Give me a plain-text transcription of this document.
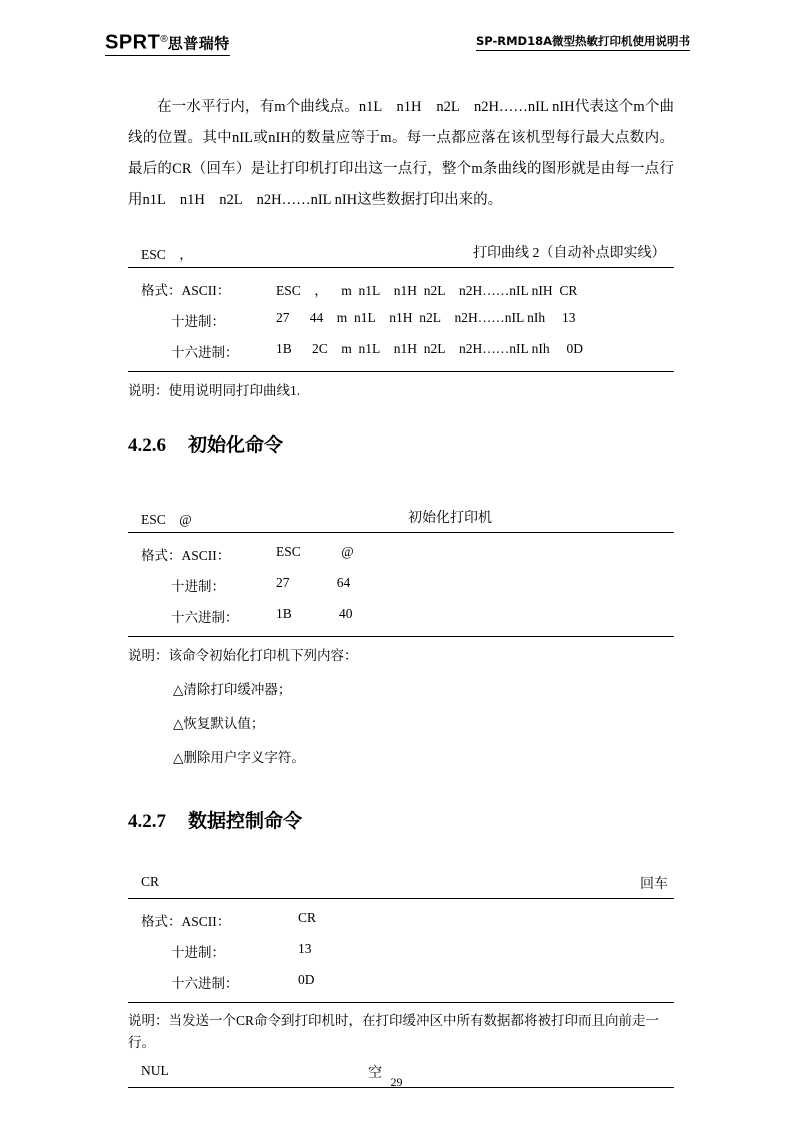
SPRT®思普瑞特	SP-RMD18A微型热敏打印机使用说明书

在一水平行内，有m个曲线点。n1L　n1H　n2L　n2H……nIL nIH代表这个m个曲线的位置。其中nIL或nIH的数量应等于m。每一点都应落在该机型每行最大点数内。最后的CR（回车）是让打印机打印出这一点行，整个m条曲线的图形就是由每一点行用n1L　n1H　n2L　n2H……nIL nIH这些数据打印出来的。

ESC　，	打印曲线 2（自动补点即实线）
格式：ASCII：	ESC ， m n1L n1H n2L n2H……nIL nIH CR
十进制：	27  44 m n1L n1H n2L n2H……nIL nIh  13
十六进制：	1B  2C m n1L n1H n2L n2H……nIL nIh  0D

说明：使用说明同打印曲线1.

4.2.6 初始化命令
ESC　@	初始化打印机
格式：ASCII：	ESC   @
十进制：	27    64
十六进制：	1B    40

说明：该命令初始化打印机下列内容：

△清除打印缓冲器；

△恢复默认值；

△删除用户字义字符。

4.2.7 数据控制命令
CR	回车
格式：ASCII：	CR
十进制：	13
十六进制：	0D

说明：当发送一个CR命令到打印机时，在打印缓冲区中所有数据都将被打印而且向前走一行。

NUL	空
29
